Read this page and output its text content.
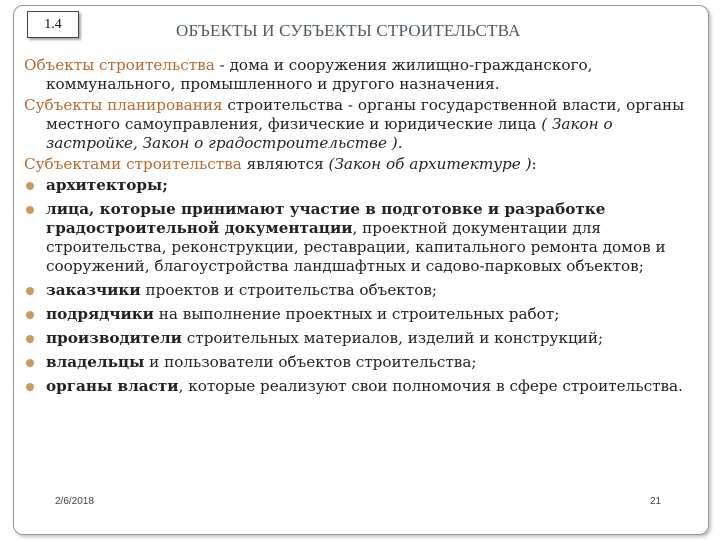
1.4	ОБЪЕКТЫ И СУБЪЕКТЫ СТРОИТЕЛЬСТВА

Объекты строительства - дома и сооружения жилищно-гражданского, коммунального, промышленного и другого назначения.

Субъекты планирования строительства - органы государственной власти, органы местного самоуправления, физические и юридические лица ( Закон о застройке, Закон о градостроительстве ).

Субъектами строительства являются (Закон об архитектуре ):

архитекторы;
лица, которые принимают участие в подготовке и разработке градостроительной документации, проектной документации для строительства, реконструкции, реставрации, капитального ремонта домов и сооружений, благоустройства ландшафтных и садово-парковых объектов;
заказчики проектов и строительства объектов;
подрядчики на выполнение проектных и строительных работ;
производители строительных материалов, изделий и конструкций;
владельцы и пользователи объектов строительства;
органы власти, которые реализуют свои полномочия в сфере строительства.
2/6/2018	21
